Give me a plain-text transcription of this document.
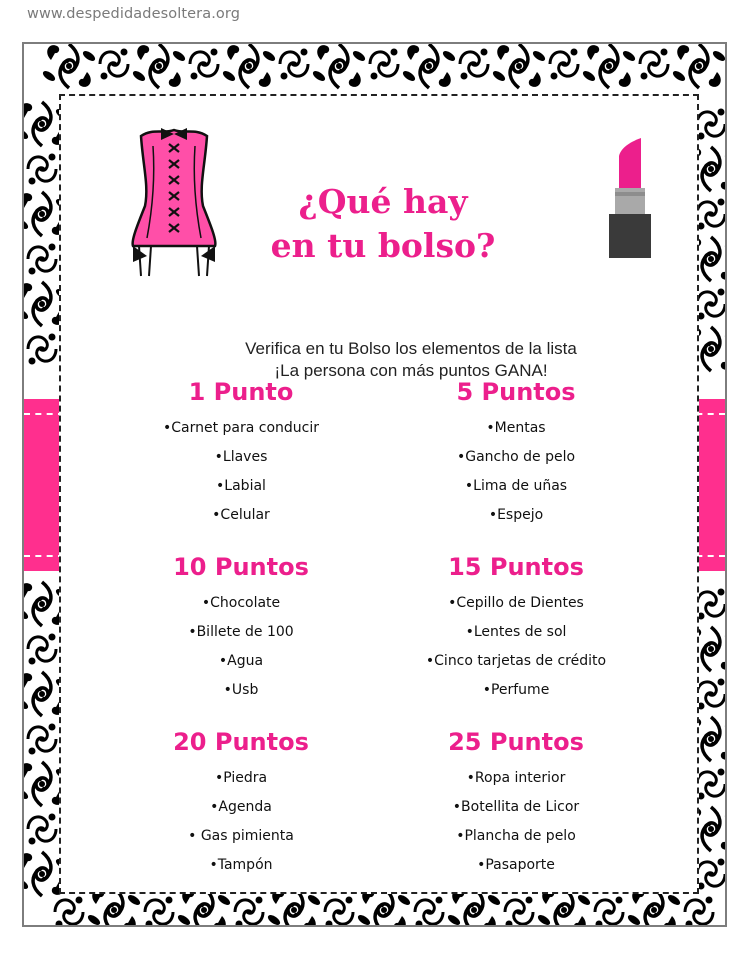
www.despedidadesoltera.org
¿Qué hay
en tu bolso?
Verifica en tu Bolso los elementos de la lista
¡La persona con más puntos GANA!
1 Punto
•Carnet para conducir
•Llaves
•Labial
•Celular
5 Puntos
•Mentas
•Gancho de pelo
•Lima de uñas
•Espejo
10 Puntos
•Chocolate
•Billete de 100
•Agua
•Usb
15 Puntos
•Cepillo de Dientes
•Lentes de sol
•Cinco tarjetas de crédito
•Perfume
20 Puntos
•Piedra
•Agenda
• Gas pimienta
•Tampón
25 Puntos
•Ropa interior
•Botellita de Licor
•Plancha de pelo
•Pasaporte
